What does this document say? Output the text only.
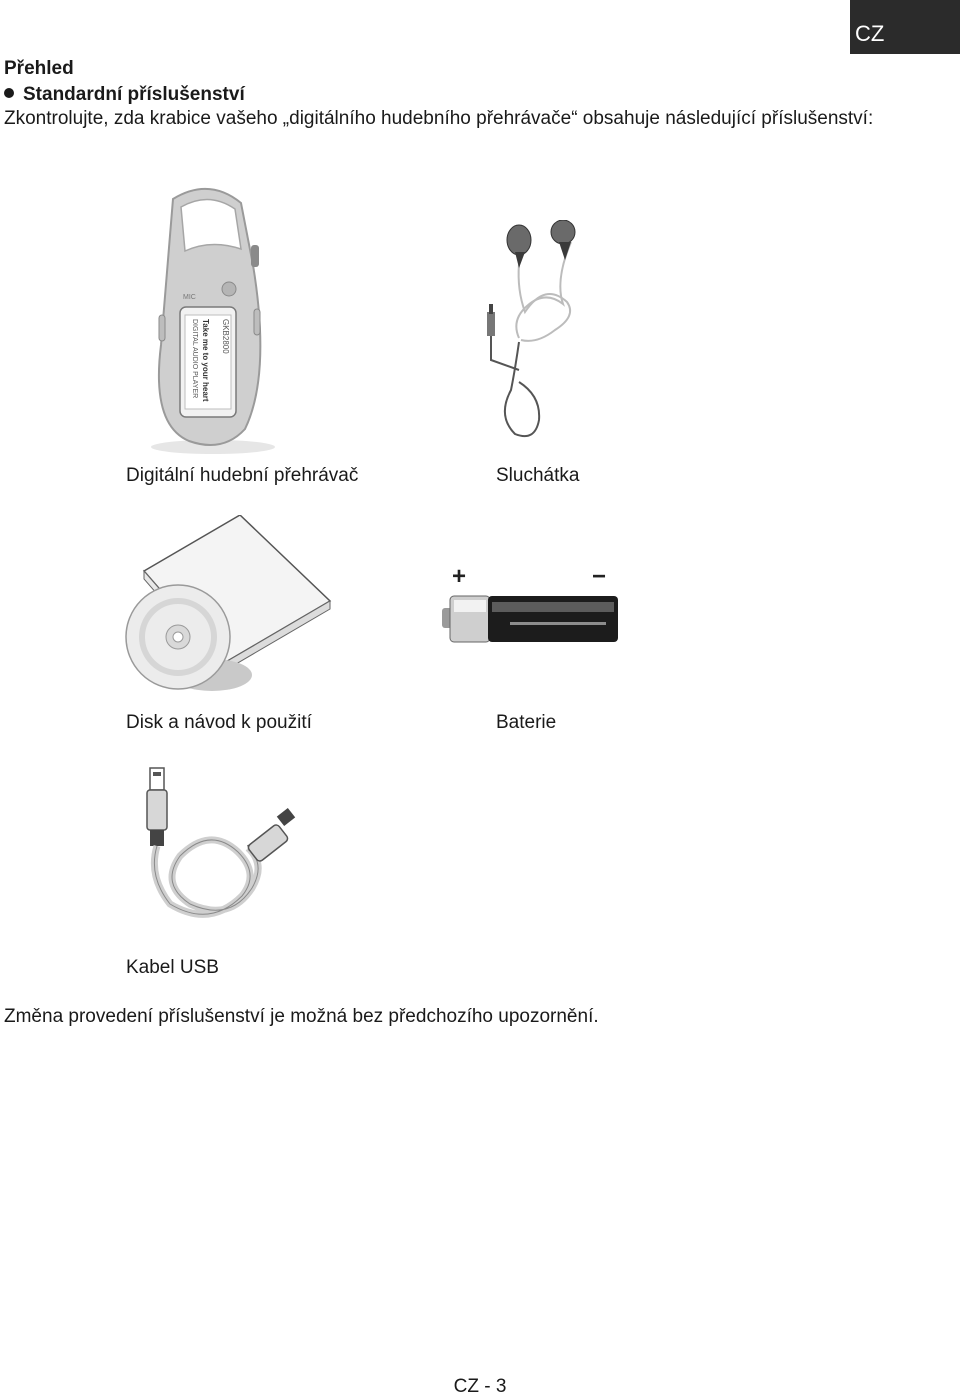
CZ
Přehled
Standardní příslušenství
Zkontrolujte, zda krabice vašeho „digitálního hudebního přehrávače“ obsahuje následující příslušenství:
MIC
GKB2800
Take me to your heart
DIGITAL AUDIO PLAYER
Digitální hudební přehrávač	Sluchátka
Disk a návod k použití
+	−
Baterie
Kabel USB
Změna provedení příslušenství je možná bez předchozího upozornění.
CZ - 3
